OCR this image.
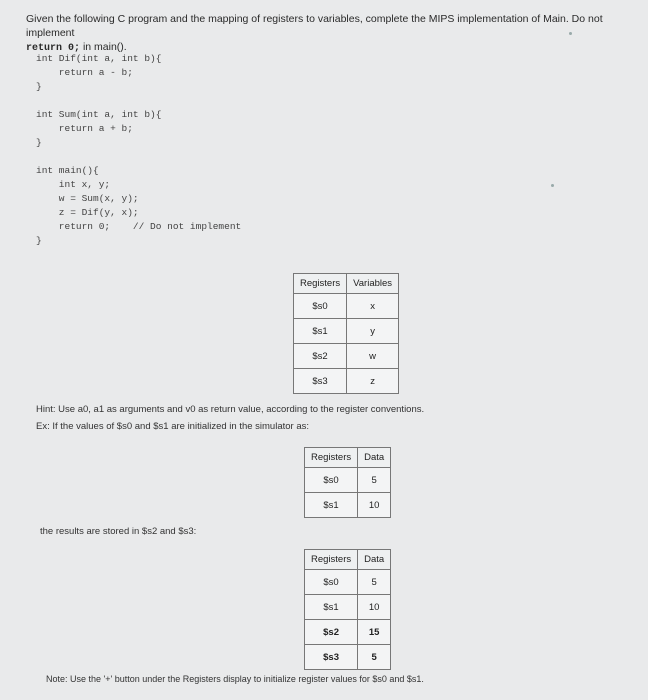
Given the following C program and the mapping of registers to variables, complete the MIPS implementation of Main. Do not implement
return 0; in main().
int Dif(int a, int b){
return a - b;
}

int Sum(int a, int b){
return a + b;
}

int main(){
int x, y;
w = Sum(x, y);
z = Dif(y, x);
return 0;    // Do not implement
}
Registers	Variables
$s0	x
$s1	y
$s2	w
$s3	z
Hint: Use a0, a1 as arguments and v0 as return value, according to the register conventions.
Ex: If the values of $s0 and $s1 are initialized in the simulator as:
Registers	Data
$s0	5
$s1	10
the results are stored in $s2 and $s3:
Registers	Data
$s0	5
$s1	10
$s2	15
$s3	5
Note: Use the '+' button under the Registers display to initialize register values for $s0 and $s1.
